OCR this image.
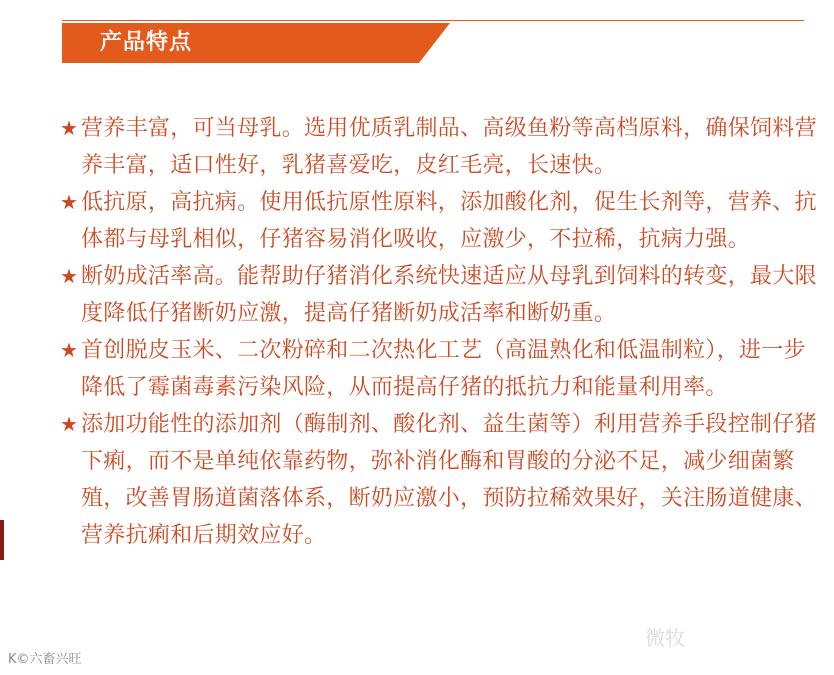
产品特点
★ 营养丰富，可当母乳。选用优质乳制品、高级鱼粉等高档原料，确保饲料营养丰富，适口性好，乳猪喜爱吃，皮红毛亮，长速快。
★ 低抗原，高抗病。使用低抗原性原料，添加酸化剂，促生长剂等，营养、抗体都与母乳相似，仔猪容易消化吸收，应激少，不拉稀，抗病力强。
★ 断奶成活率高。能帮助仔猪消化系统快速适应从母乳到饲料的转变，最大限度降低仔猪断奶应激，提高仔猪断奶成活率和断奶重。
★ 首创脱皮玉米、二次粉碎和二次热化工艺（高温熟化和低温制粒），进一步降低了霉菌毒素污染风险，从而提高仔猪的抵抗力和能量利用率。
★ 添加功能性的添加剂（酶制剂、酸化剂、益生菌等）利用营养手段控制仔猪下痢，而不是单纯依靠药物，弥补消化酶和胃酸的分泌不足，减少细菌繁殖，改善胃肠道菌落体系，断奶应激小，预防拉稀效果好，关注肠道健康、营养抗痢和后期效应好。
K©六畜兴旺
微牧
